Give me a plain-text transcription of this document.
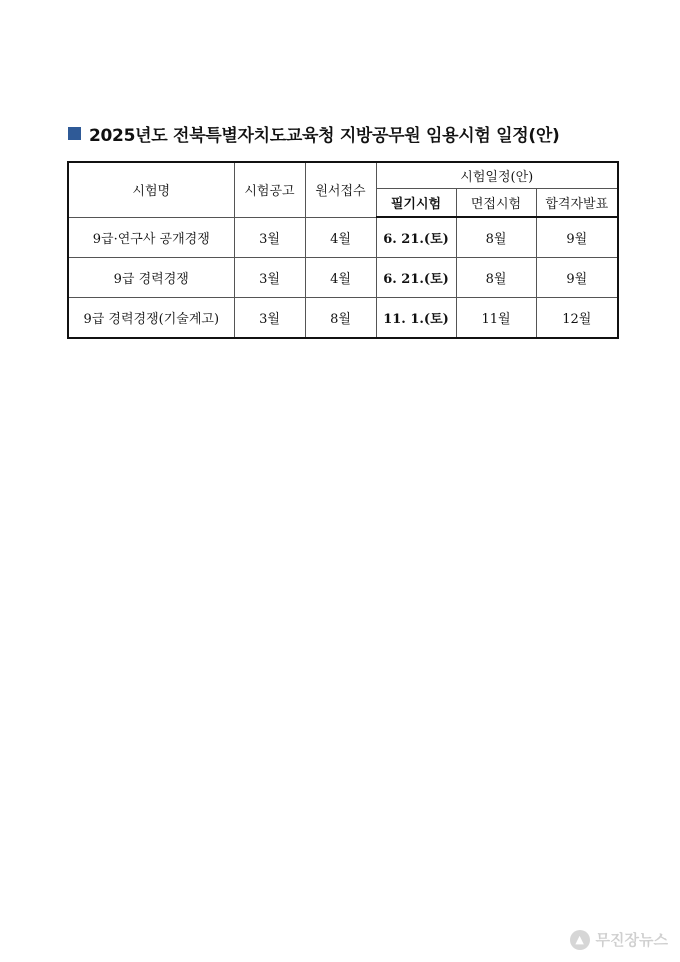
2025년도 전북특별자치도교육청 지방공무원 임용시험 일정(안)
시험명	시험공고	원서접수	시험일정(안)		
			필기시험	면접시험	합격자발표
9급·연구사 공개경쟁	3월	4월	6. 21.(토)	8월	9월
9급 경력경쟁	3월	4월	6. 21.(토)	8월	9월
9급 경력경쟁(기술계고)	3월	8월	11. 1.(토)	11월	12월
▲ 무진장뉴스
